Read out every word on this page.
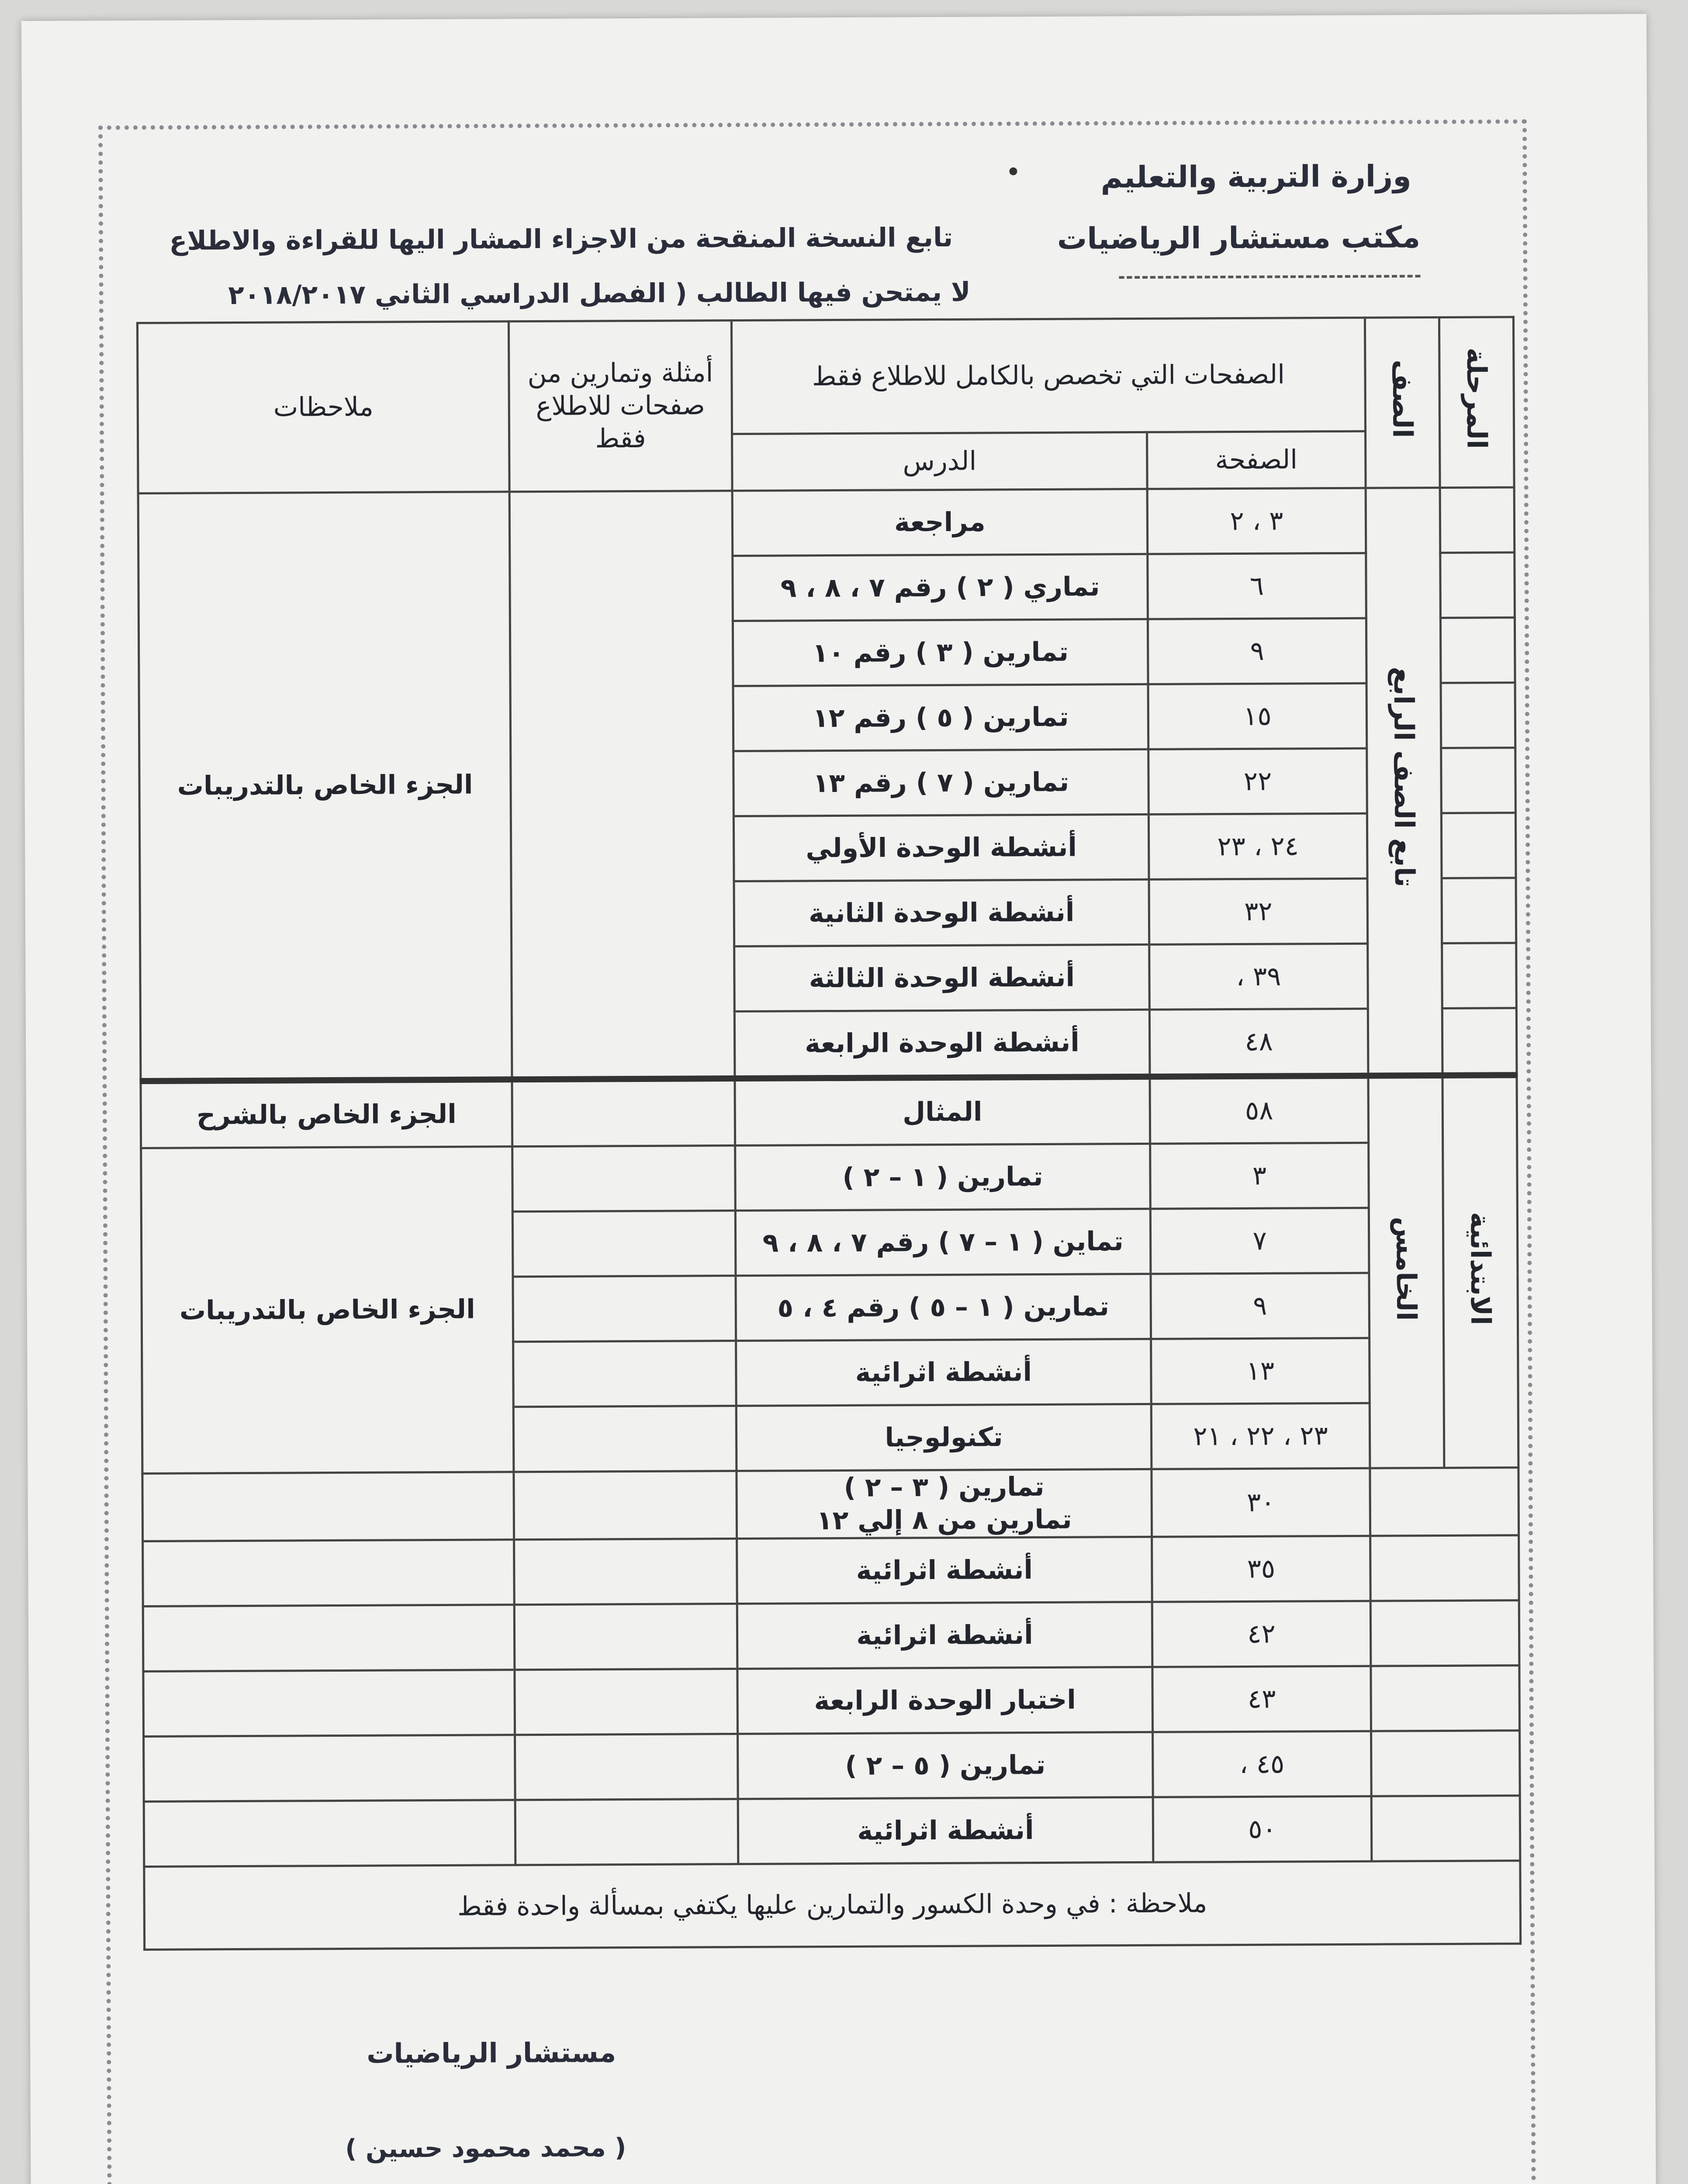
وزارة التربية والتعليم
مكتب مستشار الرياضيات
تابع النسخة المنقحة من الاجزاء المشار اليها للقراءة والاطلاع
لا يمتحن فيها الطالب ( الفصل الدراسي الثاني ٢٠١٨/٢٠١٧
المرحلة	الصف	الصفحات التي تخصص بالكامل للاطلاع فقط		أمثلة وتمارين من صفحات للاطلاع فقط	ملاحظات
		الصفحة	الدرس		
	تابع الصف الرابع	٣ ، ٢	مراجعة		الجزء الخاص بالتدريبات
		٦	تماري ( ٢ ) رقم ٧ ، ٨ ، ٩		
		٩	تمارين ( ٣ ) رقم ١٠		
		١٥	تمارين ( ٥ ) رقم ١٢		
		٢٢	تمارين ( ٧ ) رقم ١٣		
		٢٤ ، ٢٣	أنشطة الوحدة الأولي		
		٣٢	أنشطة الوحدة الثانية		
		٣٩ ،	أنشطة الوحدة الثالثة		
		٤٨	أنشطة الوحدة الرابعة		
الابتدائية	الخامس	٥٨	المثال		الجزء الخاص بالشرح
		٣	تمارين ( ١ – ٢ )		الجزء الخاص بالتدريبات
		٧	تماين ( ١ – ٧ ) رقم ٧ ، ٨ ، ٩		
		٩	تمارين ( ١ – ٥ ) رقم ٤ ، ٥		
		١٣	أنشطة اثرائية		
		٢٣ ، ٢٢ ، ٢١	تكنولوجيا		
		٣٠	تمارين ( ٣ – ٢ )
تمارين من ٨ إلي ١٢		

		٣٥	أنشطة اثرائية		
		٤٢	أنشطة اثرائية		
		٤٣	اختبار الوحدة الرابعة		
		٤٥ ،	تمارين ( ٥ – ٢ )		
		٥٠	أنشطة اثرائية		
ملاحظة : في وحدة الكسور والتمارين عليها يكتفي بمسألة واحدة فقط					
مستشار الرياضيات
( محمد محمود حسين )
